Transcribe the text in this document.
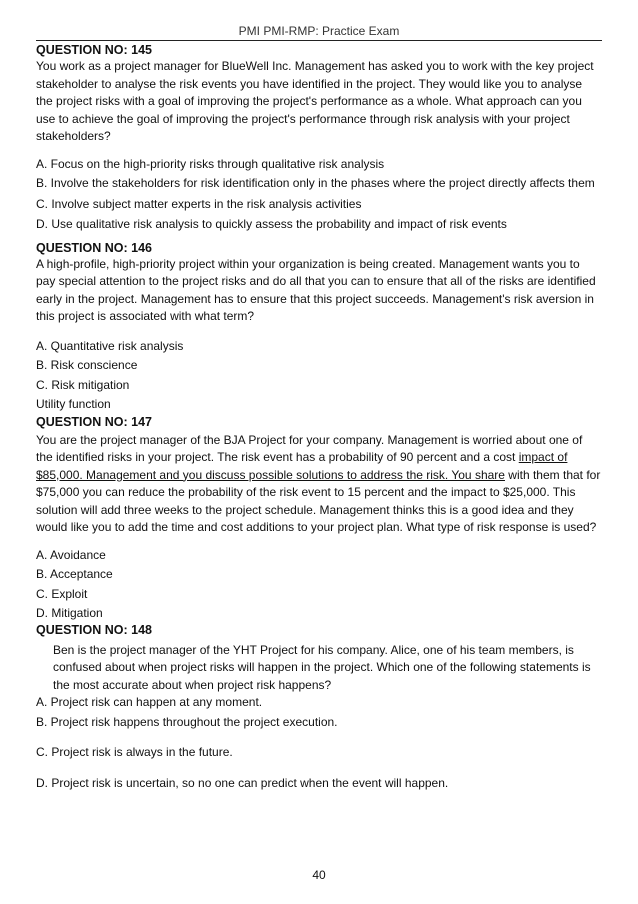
PMI PMI-RMP: Practice Exam
QUESTION NO: 145

You work as a project manager for BlueWell Inc. Management has asked you to work with the key project stakeholder to analyse the risk events you have identified in the project. They would like you to analyse the project risks with a goal of improving the project's performance as a whole. What approach can you use to achieve the goal of improving the project's performance through risk analysis with your project stakeholders?

A. Focus on the high-priority risks through qualitative risk analysis
B. Involve the stakeholders for risk identification only in the phases where the project directly affects them
C. Involve subject matter experts in the risk analysis activities
D. Use qualitative risk analysis to quickly assess the probability and impact of risk events
QUESTION NO: 146

A high-profile, high-priority project within your organization is being created. Management wants you to pay special attention to the project risks and do all that you can to ensure that all of the risks are identified early in the project. Management has to ensure that this project succeeds. Management's risk aversion in this project is associated with what term?

A. Quantitative risk analysis
B. Risk conscience
C. Risk mitigation
Utility function
QUESTION NO: 147

You are the project manager of the BJA Project for your company. Management is worried about one of the identified risks in your project. The risk event has a probability of 90 percent and a cost impact of $85,000. Management and you discuss possible solutions to address the risk. You share with them that for $75,000 you can reduce the probability of the risk event to 15 percent and the impact to $25,000. This solution will add three weeks to the project schedule. Management thinks this is a good idea and they would like you to add the time and cost additions to your project plan. What type of risk response is used?

A. Avoidance
B. Acceptance
C. Exploit
D. Mitigation
QUESTION NO: 148

Ben is the project manager of the YHT Project for his company. Alice, one of his team members, is confused about when project risks will happen in the project. Which one of the following statements is the most accurate about when project risk happens?

A. Project risk can happen at any moment.
B. Project risk happens throughout the project execution.
C. Project risk is always in the future.
D. Project risk is uncertain, so no one can predict when the event will happen.
40
